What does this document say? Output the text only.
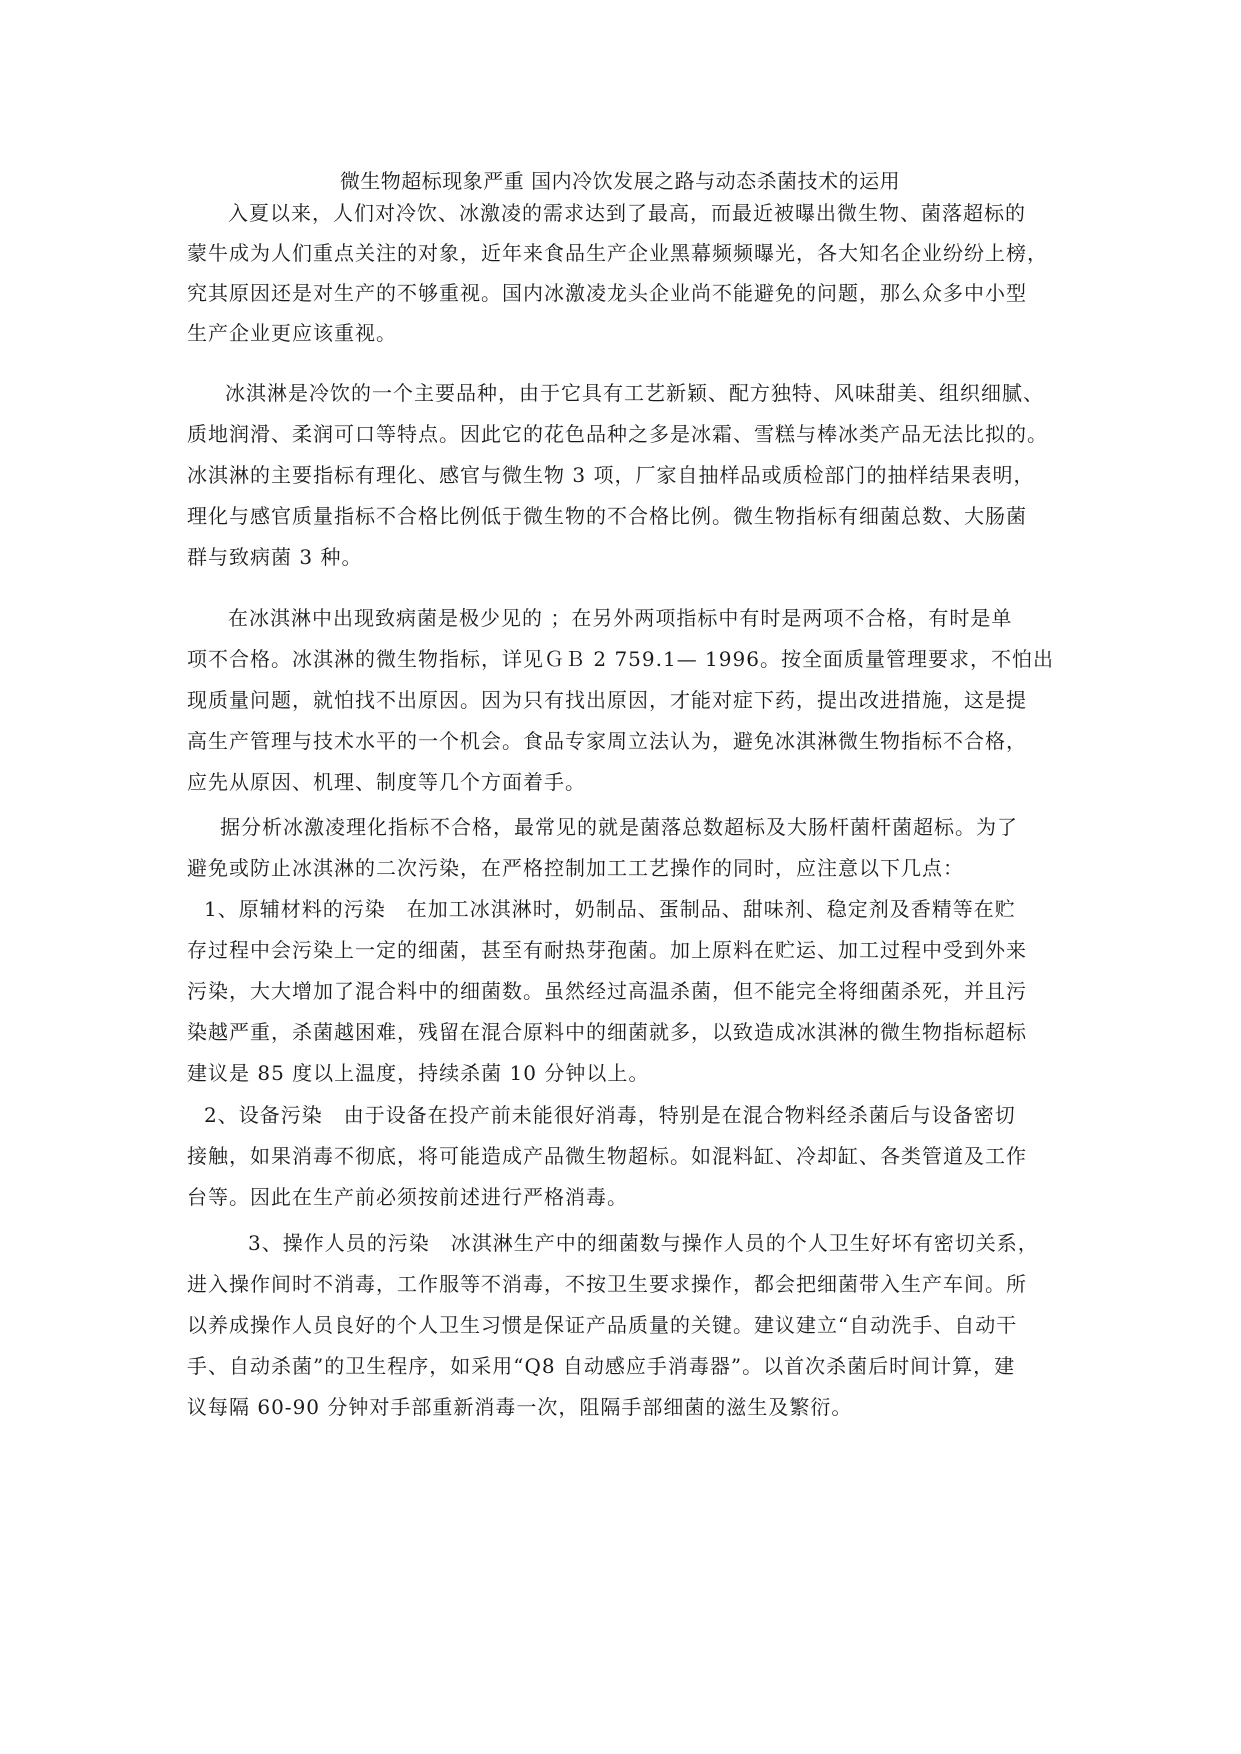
微生物超标现象严重 国内冷饮发展之路与动态杀菌技术的运用
入夏以来，人们对冷饮、冰激凌的需求达到了最高，而最近被曝出微生物、菌落超标的
蒙牛成为人们重点关注的对象，近年来食品生产企业黑幕频频曝光，各大知名企业纷纷上榜，
究其原因还是对生产的不够重视。国内冰激凌龙头企业尚不能避免的问题，那么众多中小型
生产企业更应该重视。
冰淇淋是冷饮的一个主要品种，由于它具有工艺新颖、配方独特、风味甜美、组织细腻、
质地润滑、柔润可口等特点。因此它的花色品种之多是冰霜、雪糕与棒冰类产品无法比拟的。
冰淇淋的主要指标有理化、感官与微生物 3 项，厂家自抽样品或质检部门的抽样结果表明，
理化与感官质量指标不合格比例低于微生物的不合格比例。微生物指标有细菌总数、大肠菌
群与致病菌 3 种。
在冰淇淋中出现致病菌是极少见的 ；在另外两项指标中有时是两项不合格，有时是单
项不合格。冰淇淋的微生物指标，详见ＧＢ 2 759.1— 1996。按全面质量管理要求，不怕出
现质量问题，就怕找不出原因。因为只有找出原因，才能对症下药，提出改进措施，这是提
高生产管理与技术水平的一个机会。食品专家周立法认为，避免冰淇淋微生物指标不合格，
应先从原因、机理、制度等几个方面着手。
据分析冰激凌理化指标不合格，最常见的就是菌落总数超标及大肠杆菌杆菌超标。为了
避免或防止冰淇淋的二次污染，在严格控制加工工艺操作的同时，应注意以下几点：
1、原辅材料的污染　在加工冰淇淋时，奶制品、蛋制品、甜味剂、稳定剂及香精等在贮
存过程中会污染上一定的细菌，甚至有耐热芽孢菌。加上原料在贮运、加工过程中受到外来
污染，大大增加了混合料中的细菌数。虽然经过高温杀菌，但不能完全将细菌杀死，并且污
染越严重，杀菌越困难，残留在混合原料中的细菌就多，以致造成冰淇淋的微生物指标超标
建议是 85 度以上温度，持续杀菌 10 分钟以上。
2、设备污染　由于设备在投产前未能很好消毒，特别是在混合物料经杀菌后与设备密切
接触，如果消毒不彻底，将可能造成产品微生物超标。如混料缸、冷却缸、各类管道及工作
台等。因此在生产前必须按前述进行严格消毒。
3、操作人员的污染　冰淇淋生产中的细菌数与操作人员的个人卫生好坏有密切关系，
进入操作间时不消毒，工作服等不消毒，不按卫生要求操作，都会把细菌带入生产车间。所
以养成操作人员良好的个人卫生习惯是保证产品质量的关键。建议建立“自动洗手、自动干
手、自动杀菌”的卫生程序，如采用“Q8 自动感应手消毒器”。以首次杀菌后时间计算，建
议每隔 60-90 分钟对手部重新消毒一次，阻隔手部细菌的滋生及繁衍。
